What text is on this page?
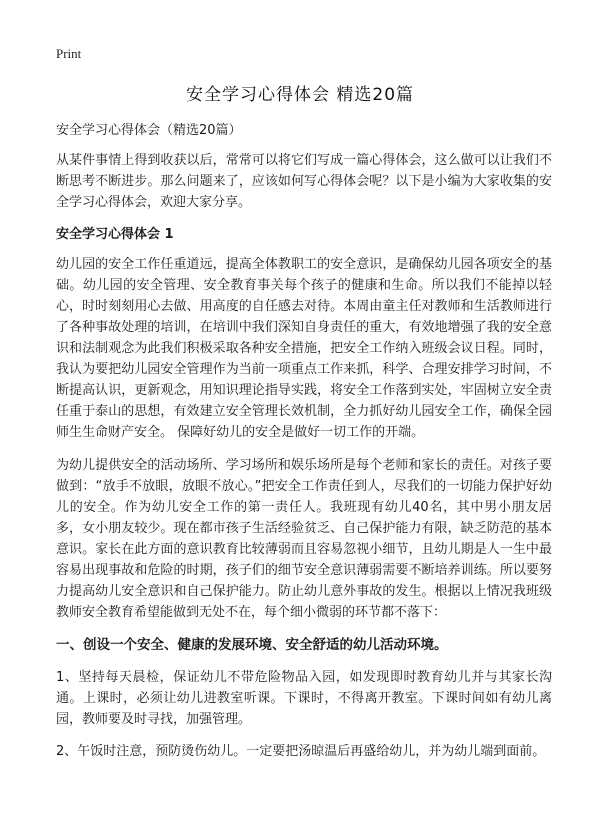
Print
安全学习心得体会 精选20篇

安全学习心得体会（精选20篇）

从某件事情上得到收获以后，常常可以将它们写成一篇心得体会，这么做可以让我们不断思考不断进步。那么问题来了，应该如何写心得体会呢？以下是小编为大家收集的安全学习心得体会，欢迎大家分享。

安全学习心得体会 1

幼儿园的安全工作任重道远，提高全体教职工的安全意识，是确保幼儿园各项安全的基础。幼儿园的安全管理、安全教育事关每个孩子的健康和生命。所以我们不能掉以轻心，时时刻刻用心去做、用高度的自任感去对待。本周由童主任对教师和生活教师进行了各种事故处理的培训，在培训中我们深知自身责任的重大，有效地增强了我的安全意识和法制观念为此我们积极采取各种安全措施，把安全工作纳入班级会议日程。同时，我认为要把幼儿园安全管理作为当前一项重点工作来抓，科学、合理安排学习时间，不断提高认识，更新观念，用知识理论指导实践，将安全工作落到实处，牢固树立安全责任重于泰山的思想，有效建立安全管理长效机制，全力抓好幼儿园安全工作，确保全园师生生命财产安全。 保障好幼儿的安全是做好一切工作的开端。

为幼儿提供安全的活动场所、学习场所和娱乐场所是每个老师和家长的责任。对孩子要做到：“放手不放眼，放眼不放心。”把安全工作责任到人，尽我们的一切能力保护好幼儿的安全。作为幼儿安全工作的第一责任人。我班现有幼儿40名，其中男小朋友居多，女小朋友较少。现在都市孩子生活经验贫乏、自己保护能力有限，缺乏防范的基本意识。家长在此方面的意识教育比较薄弱而且容易忽视小细节，且幼儿期是人一生中最容易出现事故和危险的时期，孩子们的细节安全意识薄弱需要不断培养训练。所以要努力提高幼儿安全意识和自己保护能力。防止幼儿意外事故的发生。根据以上情况我班级教师安全教育希望能做到无处不在，每个细小微弱的环节都不落下：

一、创设一个安全、健康的发展环境、安全舒适的幼儿活动环境。

1、坚持每天晨检，保证幼儿不带危险物品入园，如发现即时教育幼儿并与其家长沟通。上课时，必须让幼儿进教室听课。下课时，不得离开教室。下课时间如有幼儿离园，教师要及时寻找，加强管理。

2、午饭时注意，预防烫伤幼儿。一定要把汤晾温后再盛给幼儿，并为幼儿端到面前。
